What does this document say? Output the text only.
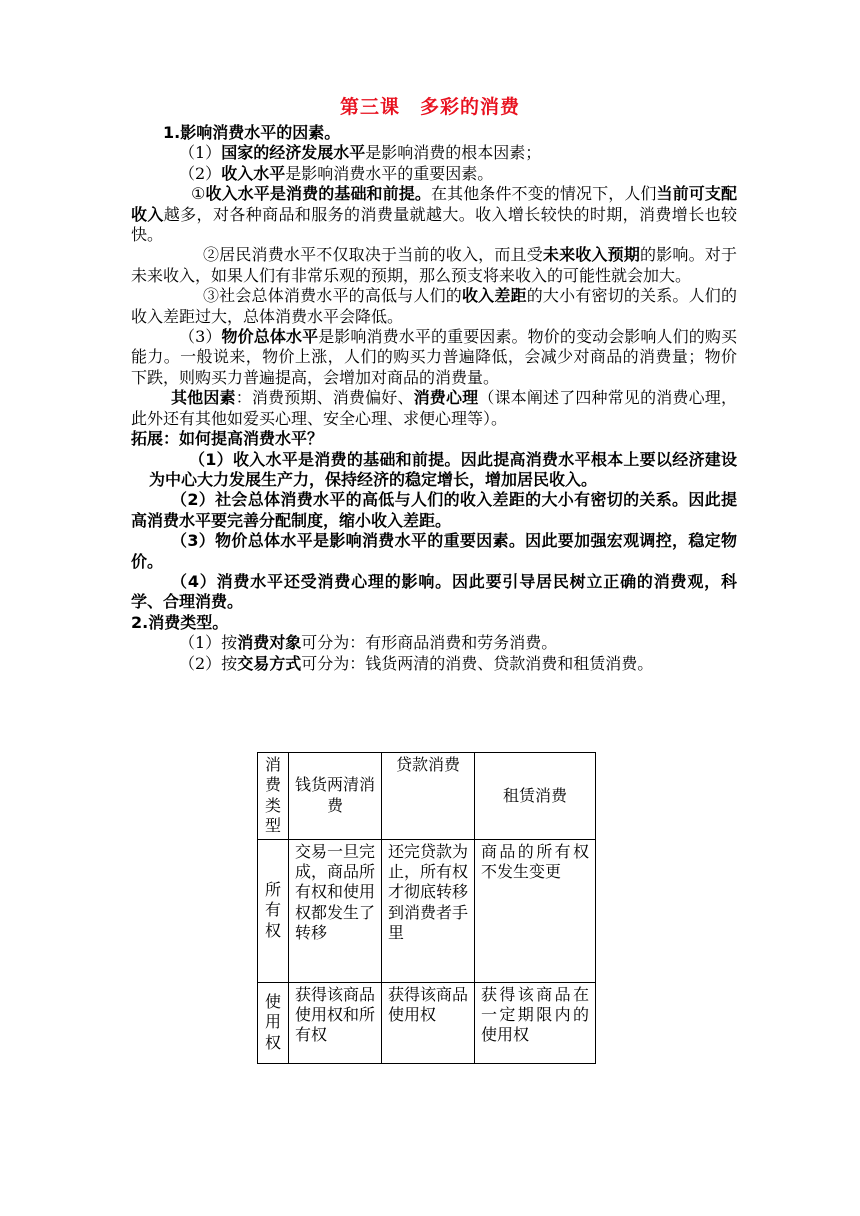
第三课　多彩的消费

1.影响消费水平的因素。

（1）国家的经济发展水平是影响消费的根本因素；

（2）收入水平是影响消费水平的重要因素。

①收入水平是消费的基础和前提。在其他条件不变的情况下，人们当前可支配收入越多，对各种商品和服务的消费量就越大。收入增长较快的时期，消费增长也较快。

②居民消费水平不仅取决于当前的收入，而且受未来收入预期的影响。对于未来收入，如果人们有非常乐观的预期，那么预支将来收入的可能性就会加大。

③社会总体消费水平的高低与人们的收入差距的大小有密切的关系。人们的收入差距过大，总体消费水平会降低。

（3）物价总体水平是影响消费水平的重要因素。物价的变动会影响人们的购买能力。一般说来，物价上涨，人们的购买力普遍降低，会减少对商品的消费量；物价下跌，则购买力普遍提高，会增加对商品的消费量。

其他因素：消费预期、消费偏好、消费心理（课本阐述了四种常见的消费心理，此外还有其他如爱买心理、安全心理、求便心理等）。

拓展：如何提高消费水平？

（1）收入水平是消费的基础和前提。因此提高消费水平根本上要以经济建设为中心大力发展生产力，保持经济的稳定增长，增加居民收入。

（2）社会总体消费水平的高低与人们的收入差距的大小有密切的关系。因此提高消费水平要完善分配制度，缩小收入差距。

（3）物价总体水平是影响消费水平的重要因素。因此要加强宏观调控，稳定物价。

（4）消费水平还受消费心理的影响。因此要引导居民树立正确的消费观，科学、合理消费。

2.消费类型。

（1）按消费对象可分为：有形商品消费和劳务消费。

（2）按交易方式可分为：钱货两清的消费、贷款消费和租赁消费。

消费类型	钱货两清消费	贷款消费	租赁消费
所有权	交易一旦完成，商品所有权和使用权都发生了转移	还完贷款为止，所有权才彻底转移到消费者手里	商品的所有权不发生变更
使用权	获得该商品使用权和所有权	获得该商品使用权	获得该商品在一定期限内的使用权
